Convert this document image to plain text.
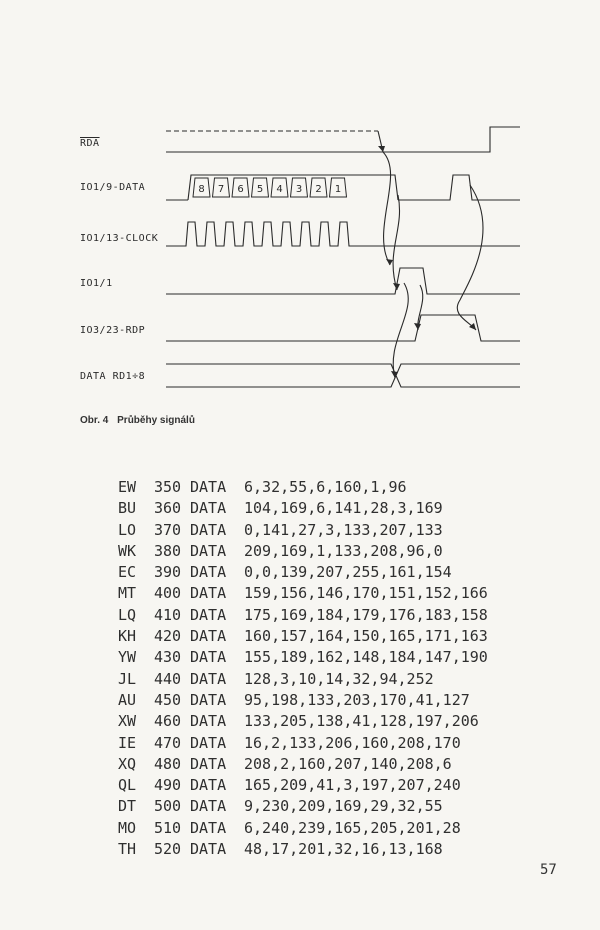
8 7 6 5 4 3 2 1
$\overline{RDA}$
IO1/9-DATA
IO1/13-CLOCK
IO1/1
IO3/23-RDP
DATA RD1÷8
Obr. 4 Průběhy signálů
EW 350 DATA 6,32,55,6,160,1,96
BU 360 DATA 104,169,6,141,28,3,169
LO 370 DATA 0,141,27,3,133,207,133
WK 380 DATA 209,169,1,133,208,96,0
EC 390 DATA 0,0,139,207,255,161,154
MT 400 DATA 159,156,146,170,151,152,166
LQ 410 DATA 175,169,184,179,176,183,158
KH 420 DATA 160,157,164,150,165,171,163
YW 430 DATA 155,189,162,148,184,147,190
JL 440 DATA 128,3,10,14,32,94,252
AU 450 DATA 95,198,133,203,170,41,127
XW 460 DATA 133,205,138,41,128,197,206
IE 470 DATA 16,2,133,206,160,208,170
XQ 480 DATA 208,2,160,207,140,208,6
QL 490 DATA 165,209,41,3,197,207,240
DT 500 DATA 9,230,209,169,29,32,55
MO 510 DATA 6,240,239,165,205,201,28
TH 520 DATA 48,17,201,32,16,13,168
57
